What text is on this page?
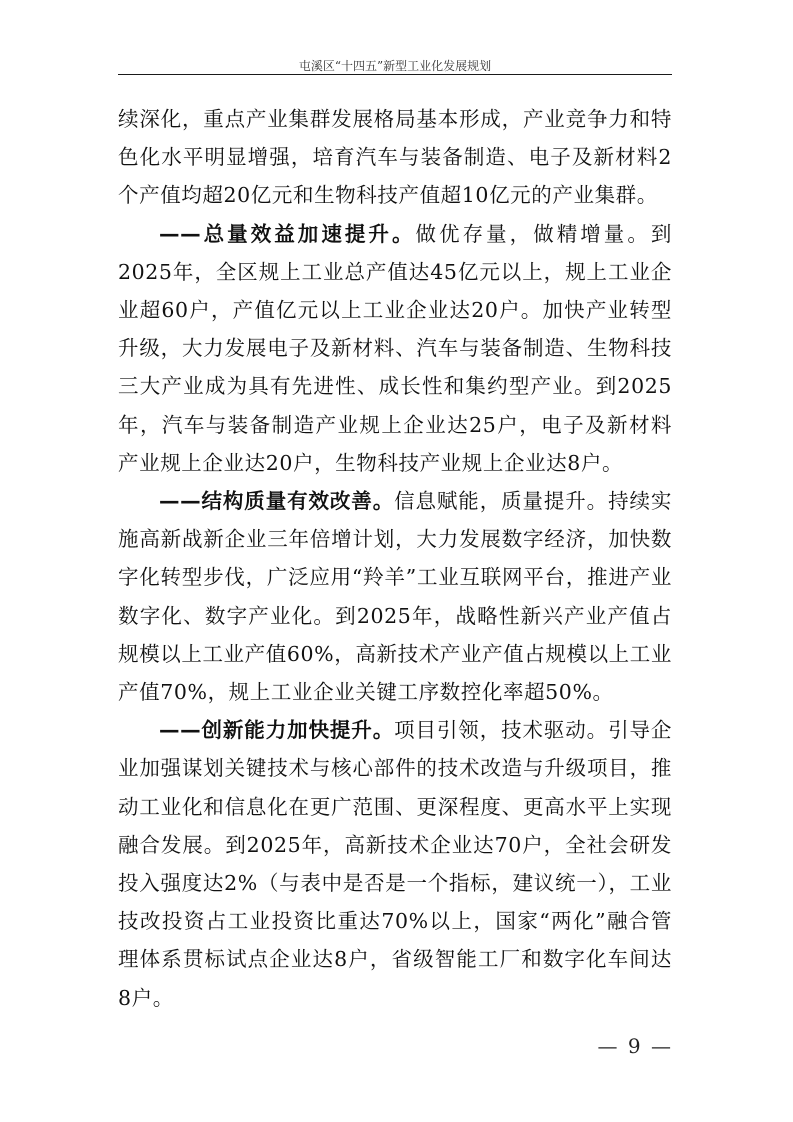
屯溪区“十四五”新型工业化发展规划

续深化，重点产业集群发展格局基本形成，产业竞争力和特色化水平明显增强，培育汽车与装备制造、电子及新材料2个产值均超20亿元和生物科技产值超10亿元的产业集群。

——总量效益加速提升。做优存量，做精增量。到2025年，全区规上工业总产值达45亿元以上，规上工业企业超60户，产值亿元以上工业企业达20户。加快产业转型升级，大力发展电子及新材料、汽车与装备制造、生物科技三大产业成为具有先进性、成长性和集约型产业。到2025年，汽车与装备制造产业规上企业达25户，电子及新材料产业规上企业达20户，生物科技产业规上企业达8户。

——结构质量有效改善。信息赋能，质量提升。持续实施高新战新企业三年倍增计划，大力发展数字经济，加快数字化转型步伐，广泛应用“羚羊”工业互联网平台，推进产业数字化、数字产业化。到2025年，战略性新兴产业产值占规模以上工业产值60%，高新技术产业产值占规模以上工业产值70%，规上工业企业关键工序数控化率超50%。

——创新能力加快提升。项目引领，技术驱动。引导企业加强谋划关键技术与核心部件的技术改造与升级项目，推动工业化和信息化在更广范围、更深程度、更高水平上实现融合发展。到2025年，高新技术企业达70户，全社会研发投入强度达2%（与表中是否是一个指标，建议统一），工业技改投资占工业投资比重达70%以上，国家“两化”融合管理体系贯标试点企业达8户，省级智能工厂和数字化车间达8户。

— 9 —
